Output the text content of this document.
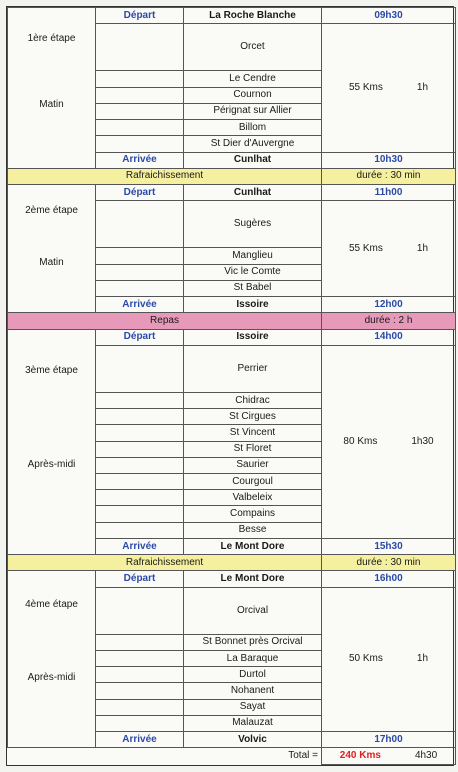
1ère étape
Matin	Départ	La Roche Blanche	09h30
		Orcet	55 Kms 1h
		Le Cendre	
		Cournon	
		Pérignat sur Allier	
		Billom	
		St Dier d'Auvergne	
	Arrivée	Cunlhat	10h30
Rafraichissement			durée : 30 min

2ème étape
Matin	Départ	Cunlhat	11h00
		Sugères	55 Kms 1h
		Manglieu	
		Vic le Comte	
		St Babel	
	Arrivée	Issoire	12h00
Repas			durée : 2 h

3ème étape
Après-midi	Départ	Issoire	14h00
		Perrier	80 Kms 1h30
		Chidrac	
		St Cirgues	
		St Vincent	
		St Floret	
		Saurier	
		Courgoul	
		Valbeleix	
		Compains	
		Besse	
	Arrivée	Le Mont Dore	15h30
Rafraichissement			durée : 30 min

4ème étape
Après-midi	Départ	Le Mont Dore	16h00
		Orcival	50 Kms 1h
		St Bonnet près Orcival	
		La Baraque	
		Durtol	
		Nohanent	
		Sayat	
		Malauzat	
	Arrivée	Volvic	17h00
		Total =	240 Kms 4h30
